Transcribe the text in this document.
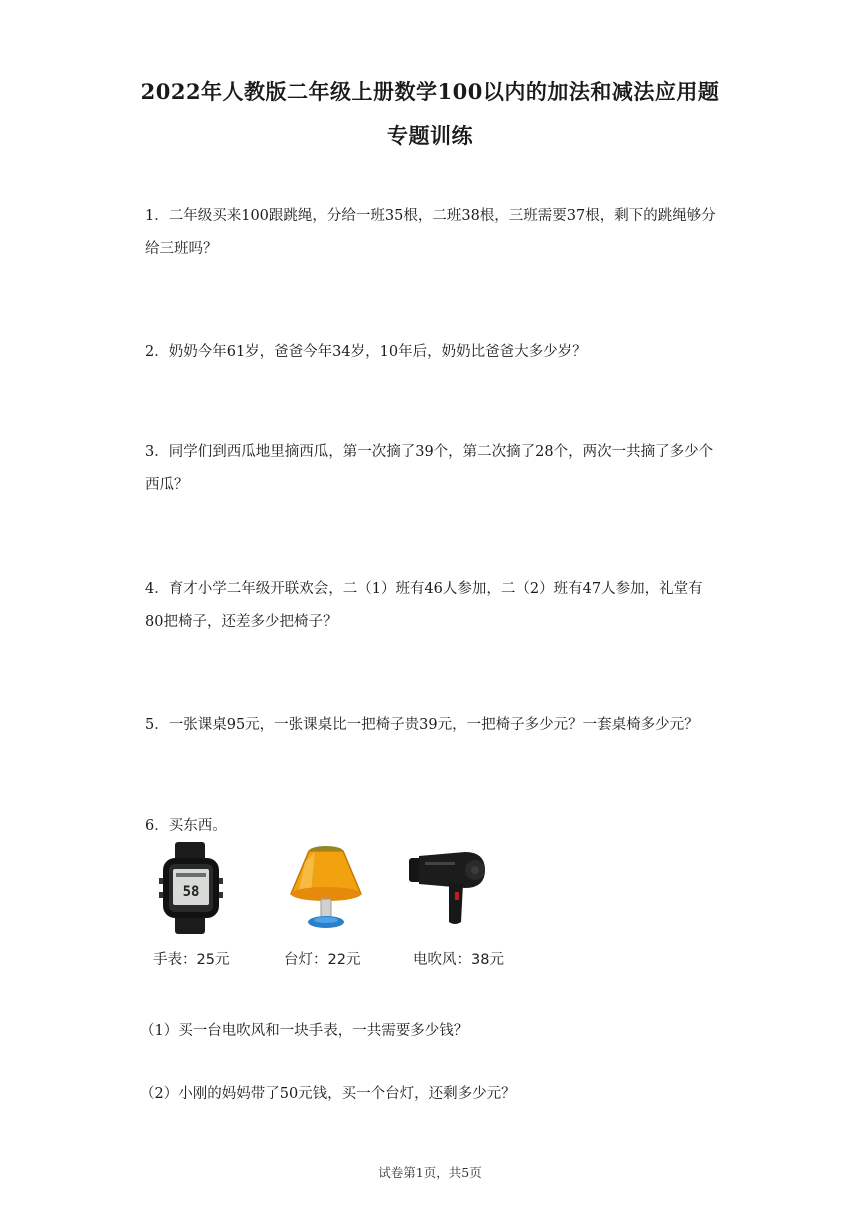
2022年人教版二年级上册数学100以内的加法和减法应用题
专题训练
1．二年级买来100跟跳绳，分给一班35根，二班38根，三班需要37根，剩下的跳绳够分给三班吗？
2．奶奶今年61岁，爸爸今年34岁，10年后，奶奶比爸爸大多少岁？
3．同学们到西瓜地里摘西瓜，第一次摘了39个，第二次摘了28个，两次一共摘了多少个西瓜？
4．育才小学二年级开联欢会，二（1）班有46人参加，二（2）班有47人参加，礼堂有80把椅子，还差多少把椅子？
5．一张课桌95元，一张课桌比一把椅子贵39元，一把椅子多少元？一套桌椅多少元？
6．买东西。
58
手表：25元	台灯：22元	电吹风：38元
（1）买一台电吹风和一块手表，一共需要多少钱？
（2）小刚的妈妈带了50元钱，买一个台灯，还剩多少元？
试卷第1页，共5页
